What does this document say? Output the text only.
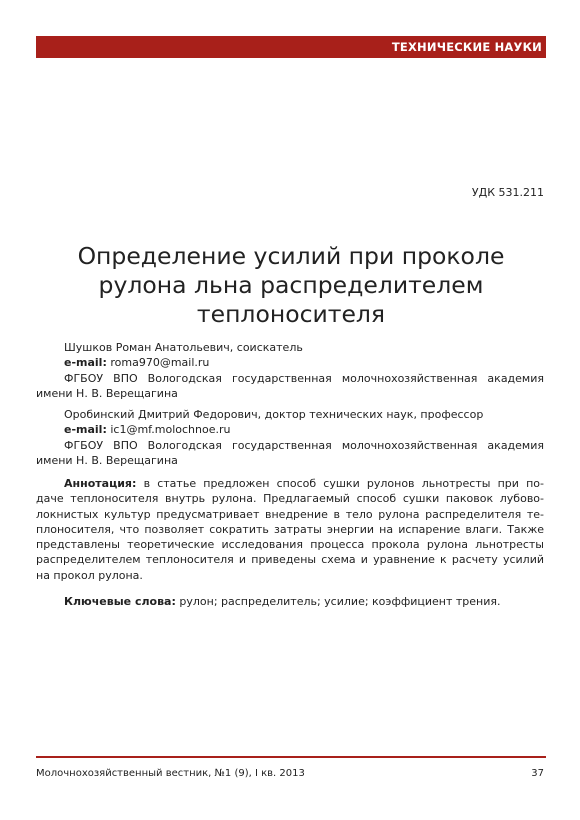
ТЕХНИЧЕСКИЕ НАУКИ
УДК 531.211
Определение усилий при проколе
рулона льна распределителем
теплоносителя
Шушков Роман Анатольевич, соискатель
e-mail: roma970@mail.ru
ФГБОУ ВПО Вологодская государственная молочнохозяйственная академия
имени Н. В. Верещагина
Оробинский Дмитрий Федорович, доктор технических наук, профессор
e-mail: ic1@mf.molochnoe.ru
ФГБОУ ВПО Вологодская государственная молочнохозяйственная академия
имени Н. В. Верещагина
Аннотация: в статье предложен способ сушки рулонов льнотресты при по-
даче теплоносителя внутрь рулона. Предлагаемый способ сушки паковок лубово-
локнистых культур предусматривает внедрение в тело рулона распределителя те-
плоносителя, что позволяет сократить затраты энергии на испарение влаги. Также
представлены теоретические исследования процесса прокола рулона льнотресты
распределителем теплоносителя и приведены схема и уравнение к расчету усилий
на прокол рулона.
Ключевые слова: рулон; распределитель; усилие; коэффициент трения.
Молочнохозяйственный вестник, №1 (9), I кв. 2013	37
